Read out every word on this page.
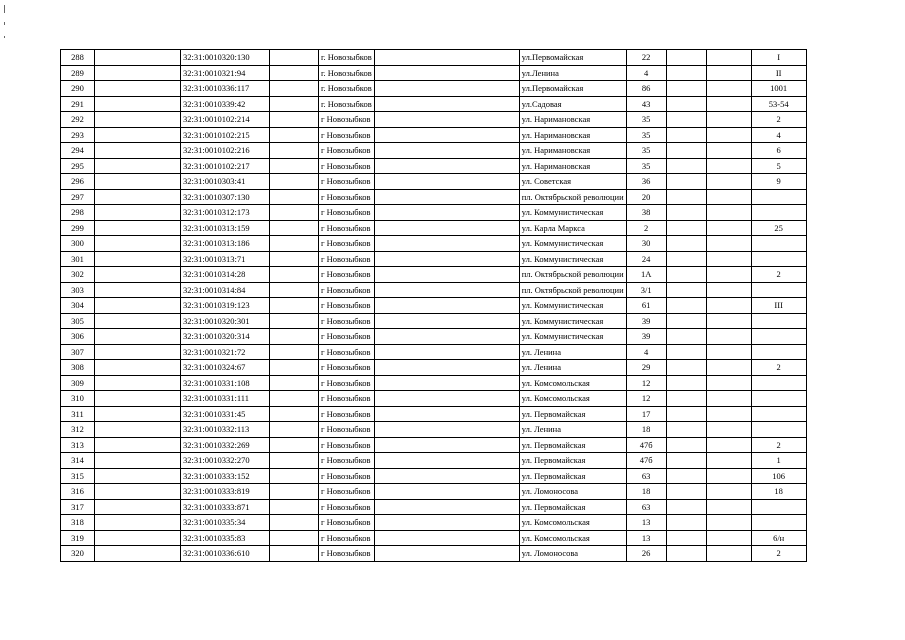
288		32:31:0010320:130		г. Новозыбков		ул.Первомайская	22			I
289		32:31:0010321:94		г. Новозыбков		ул.Ленина	4			II
290		32:31:0010336:117		г. Новозыбков		ул.Первомайская	86			1001
291		32:31:0010339:42		г. Новозыбков		ул.Садовая	43			53-54
292		32:31:0010102:214		г Новозыбков		ул. Наримановская	35			2
293		32:31:0010102:215		г Новозыбков		ул. Наримановская	35			4
294		32:31:0010102:216		г Новозыбков		ул. Наримановская	35			6
295		32:31:0010102:217		г Новозыбков		ул. Наримановская	35			5
296		32:31:0010303:41		г Новозыбков		ул. Советская	36			9
297		32:31:0010307:130		г Новозыбков		пл. Октябрьской революции	20			
298		32:31:0010312:173		г Новозыбков		ул. Коммунистическая	38			
299		32:31:0010313:159		г Новозыбков		ул. Карла Маркса	2			25
300		32:31:0010313:186		г Новозыбков		ул. Коммунистическая	30			
301		32:31:0010313:71		г Новозыбков		ул. Коммунистическая	24			
302		32:31:0010314:28		г Новозыбков		пл. Октябрьской революции	1А			2
303		32:31:0010314:84		г Новозыбков		пл. Октябрьской революции	3/1			
304		32:31:0010319:123		г Новозыбков		ул. Коммунистическая	61			III
305		32:31:0010320:301		г Новозыбков		ул. Коммунистическая	39			
306		32:31:0010320:314		г Новозыбков		ул. Коммунистическая	39			
307		32:31:0010321:72		г Новозыбков		ул. Ленина	4			
308		32:31:0010324:67		г Новозыбков		ул. Ленина	29			2
309		32:31:0010331:108		г Новозыбков		ул. Комсомольская	12			
310		32:31:0010331:111		г Новозыбков		ул. Комсомольская	12			
311		32:31:0010331:45		г Новозыбков		ул. Первомайская	17			
312		32:31:0010332:113		г Новозыбков		ул. Ленина	18			
313		32:31:0010332:269		г Новозыбков		ул. Первомайская	47б			2
314		32:31:0010332:270		г Новозыбков		ул. Первомайская	47б			1
315		32:31:0010333:152		г Новозыбков		ул. Первомайская	63			106
316		32:31:0010333:819		г Новозыбков		ул. Ломоносова	18			18
317		32:31:0010333:871		г Новозыбков		ул. Первомайская	63			
318		32:31:0010335:34		г Новозыбков		ул. Комсомольская	13			
319		32:31:0010335:83		г Новозыбков		ул. Комсомольская	13			6/н
320		32:31:0010336:610		г Новозыбков		ул. Ломоносова	26			2
